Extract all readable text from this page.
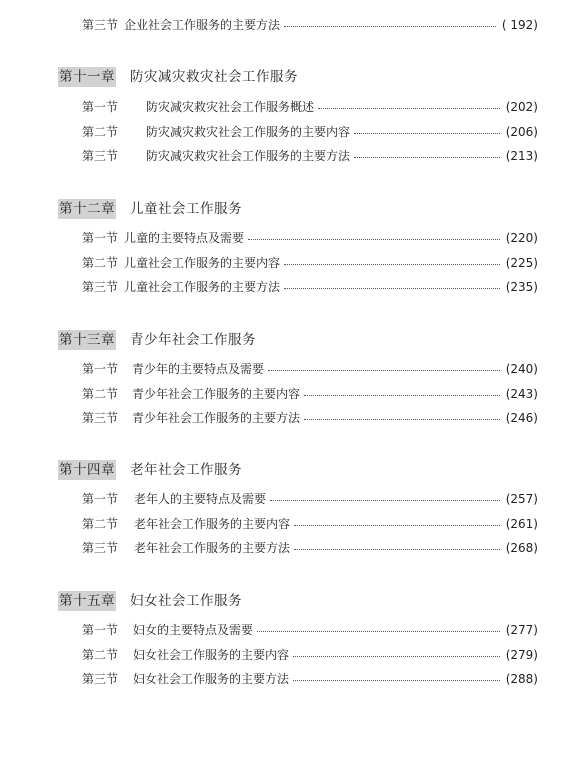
第三节 企业社会工作服务的主要方法	( 192)
第十一章 防灾减灾救灾社会工作服务
第一节	防灾减灾救灾社会工作服务概述	(202)
第二节	防灾减灾救灾社会工作服务的主要内容	(206)
第三节	防灾减灾救灾社会工作服务的主要方法	(213)
第十二章 儿童社会工作服务
第一节 儿童的主要特点及需要	(220)
第二节 儿童社会工作服务的主要内容	(225)
第三节 儿童社会工作服务的主要方法	(235)
第十三章 青少年社会工作服务
第一节	青少年的主要特点及需要	(240)
第二节	青少年社会工作服务的主要内容	(243)
第三节	青少年社会工作服务的主要方法	(246)
第十四章 老年社会工作服务
第一节	老年人的主要特点及需要	(257)
第二节	老年社会工作服务的主要内容	(261)
第三节	老年社会工作服务的主要方法	(268)
第十五章 妇女社会工作服务
第一节	妇女的主要特点及需要	(277)
第二节	妇女社会工作服务的主要内容	(279)
第三节	妇女社会工作服务的主要方法	(288)
